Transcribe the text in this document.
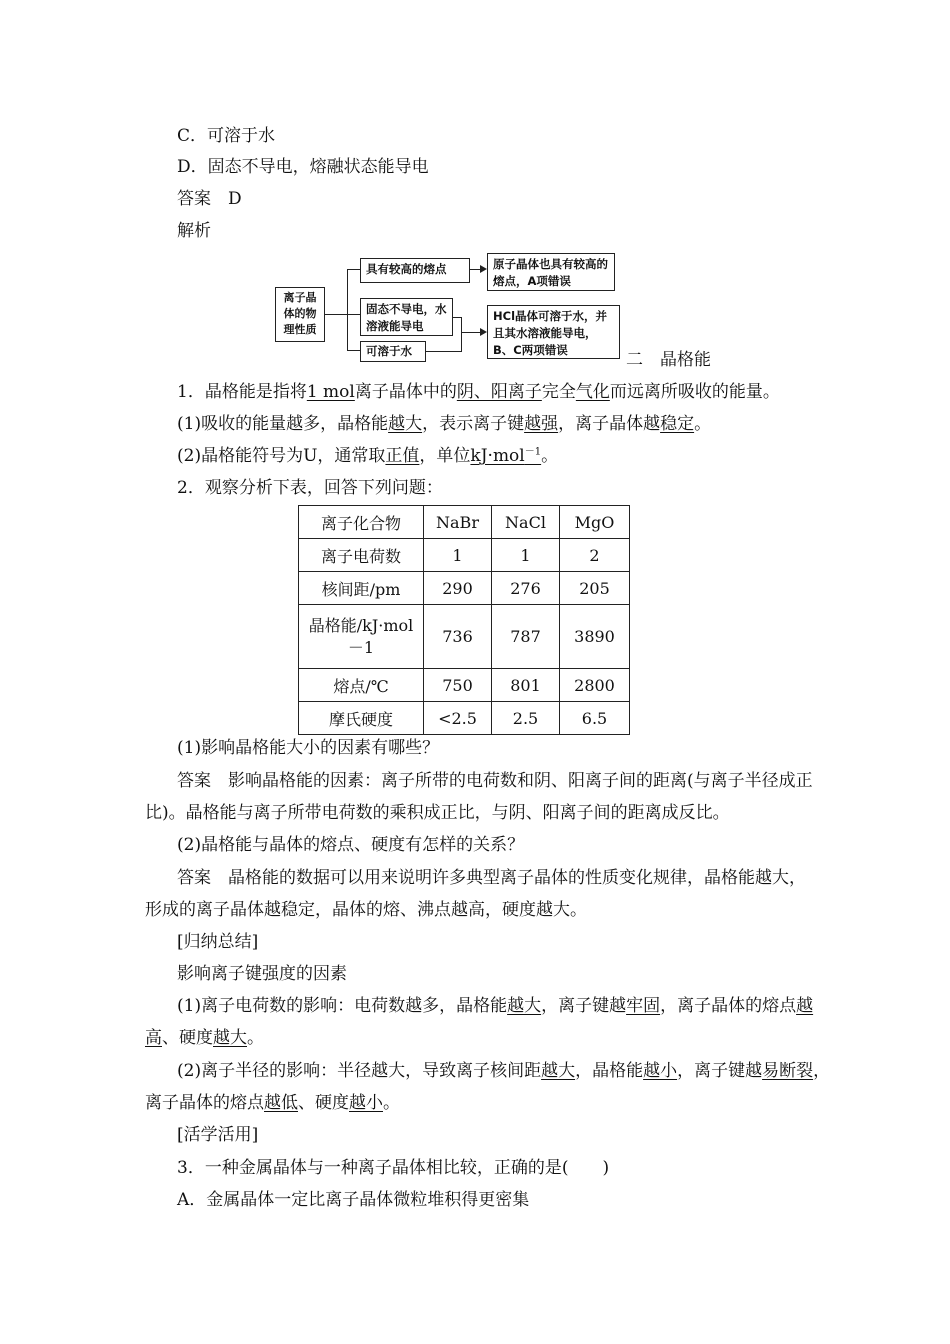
C．可溶于水
D．固态不导电，熔融状态能导电
答案　D
解析
离子晶体的物理性质
具有较高的熔点	原子晶体也具有较高的熔点，A项错误
固态不导电，水溶液能导电
可溶于水
HCl晶体可溶于水，并且其水溶液能导电，B、C两项错误	二　晶格能
1．晶格能是指将1 mol离子晶体中的阴、阳离子完全气化而远离所吸收的能量。
(1)吸收的能量越多，晶格能越大，表示离子键越强，离子晶体越稳定。
(2)晶格能符号为U，通常取正值，单位kJ·mol$^{-1}$。
2．观察分析下表，回答下列问题：
离子化合物	NaBr	NaCl	MgO
离子电荷数	1	1	2
核间距/pm	290	276	205
晶格能/kJ·mol－1	736	787	3890
熔点/℃	750	801	2800
摩氏硬度	<2.5	2.5	6.5
(1)影响晶格能大小的因素有哪些？
答案　影响晶格能的因素：离子所带的电荷数和阴、阳离子间的距离(与离子半径成正
比)。晶格能与离子所带电荷数的乘积成正比，与阴、阳离子间的距离成反比。
(2)晶格能与晶体的熔点、硬度有怎样的关系？
答案　晶格能的数据可以用来说明许多典型离子晶体的性质变化规律，晶格能越大，
形成的离子晶体越稳定，晶体的熔、沸点越高，硬度越大。
[归纳总结]
影响离子键强度的因素
(1)离子电荷数的影响：电荷数越多，晶格能越大，离子键越牢固，离子晶体的熔点越
高、硬度越大。
(2)离子半径的影响：半径越大，导致离子核间距越大，晶格能越小，离子键越易断裂，
离子晶体的熔点越低、硬度越小。
[活学活用]
3．一种金属晶体与一种离子晶体相比较，正确的是(　　)
A．金属晶体一定比离子晶体微粒堆积得更密集
